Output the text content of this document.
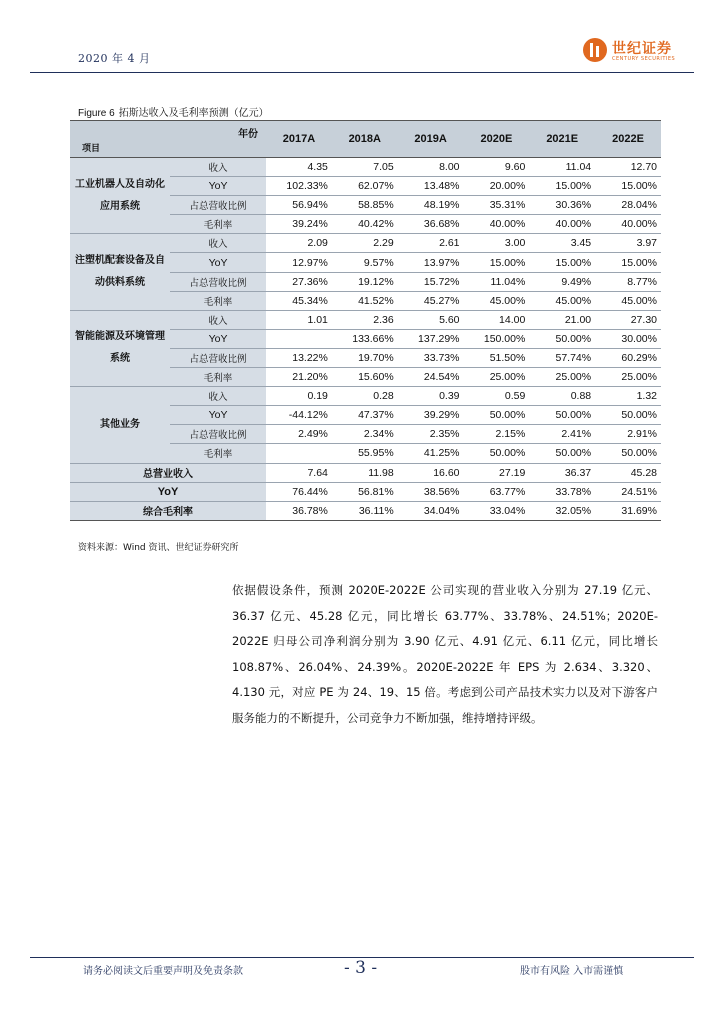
2020 年 4 月
世纪证券
CENTURY SECURITIES
Figure 6 拓斯达收入及毛利率预测（亿元）
年份
项目		2017A	2018A	2019A	2020E	2021E	2022E
工业机器人及自动化应用系统	收入	4.35	7.05	8.00	9.60	11.04	12.70
	YoY	102.33%	62.07%	13.48%	20.00%	15.00%	15.00%
	占总营收比例	56.94%	58.85%	48.19%	35.31%	30.36%	28.04%
	毛利率	39.24%	40.42%	36.68%	40.00%	40.00%	40.00%
注塑机配套设备及自动供料系统	收入	2.09	2.29	2.61	3.00	3.45	3.97
	YoY	12.97%	9.57%	13.97%	15.00%	15.00%	15.00%
	占总营收比例	27.36%	19.12%	15.72%	11.04%	9.49%	8.77%
	毛利率	45.34%	41.52%	45.27%	45.00%	45.00%	45.00%
智能能源及环境管理系统	收入	1.01	2.36	5.60	14.00	21.00	27.30
	YoY		133.66%	137.29%	150.00%	50.00%	30.00%
	占总营收比例	13.22%	19.70%	33.73%	51.50%	57.74%	60.29%
	毛利率	21.20%	15.60%	24.54%	25.00%	25.00%	25.00%
其他业务	收入	0.19	0.28	0.39	0.59	0.88	1.32
	YoY	-44.12%	47.37%	39.29%	50.00%	50.00%	50.00%
	占总营收比例	2.49%	2.34%	2.35%	2.15%	2.41%	2.91%
	毛利率		55.95%	41.25%	50.00%	50.00%	50.00%
总营业收入		7.64	11.98	16.60	27.19	36.37	45.28
YoY		76.44%	56.81%	38.56%	63.77%	33.78%	24.51%
综合毛利率		36.78%	36.11%	34.04%	33.04%	32.05%	31.69%
资料来源：Wind 资讯、世纪证券研究所
依据假设条件，预测 2020E-2022E 公司实现的营业收入分别为 27.19 亿元、36.37 亿元、45.28 亿元，同比增长 63.77%、33.78%、24.51%；2020E-2022E 归母公司净利润分别为 3.90 亿元、4.91 亿元、6.11 亿元，同比增长 108.87%、26.04%、24.39%。2020E-2022E 年 EPS 为 2.634、3.320、4.130 元，对应 PE 为 24、19、15 倍。考虑到公司产品技术实力以及对下游客户服务能力的不断提升，公司竞争力不断加强，维持增持评级。
请务必阅读文后重要声明及免责条款	- 3 -	股市有风险 入市需谨慎
